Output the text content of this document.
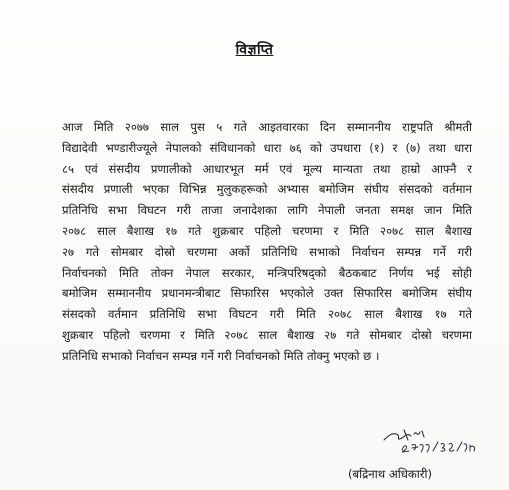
विज्ञप्ति
आज मिति २०७७ साल पुस ५ गते आइतवारका दिन सम्माननीय राष्ट्रपति श्रीमती
विद्यादेवी भण्डारीज्यूले नेपालको संविधानको धारा ७६ को उपधारा (१) र (७) तथा धारा
८५ एवं संसदीय प्रणालीको आधारभूत मर्म एवं मूल्य मान्यता तथा हाम्रो आफ्नै र
संसदीय प्रणाली भएका विभिन्न मुलुकहरूको अभ्यास बमोजिम संघीय संसदको वर्तमान
प्रतिनिधि सभा विघटन गरी ताजा जनादेशका लागि नेपाली जनता समक्ष जान मिति
२०७८ साल बैशाख १७ गते शुक्रबार पहिलो चरणमा र मिति २०७८ साल बैशाख
२७ गते सोमबार दोस्रो चरणमा अर्को प्रतिनिधि सभाको निर्वाचन सम्पन्न गर्ने गरी
निर्वाचनको मिति तोक्न नेपाल सरकार, मन्त्रिपरिषद्को बैठकबाट निर्णय भई सोही
बमोजिम सम्माननीय प्रधानमन्त्रीबाट सिफारिस भएकोले उक्त सिफारिस बमोजिम संघीय
संसदको वर्तमान प्रतिनिधि सभा विघटन गरी मिति २०७८ साल बैशाख १७ गते
शुक्रबार पहिलो चरणमा र मिति २०७८ साल बैशाख २७ गते सोमबार दोस्रो चरणमा
प्रतिनिधि सभाको निर्वाचन सम्पन्न गर्ने गरी निर्वाचनको मिति तोक्नु भएको छ ।
(बद्रिनाथ अधिकारी)
